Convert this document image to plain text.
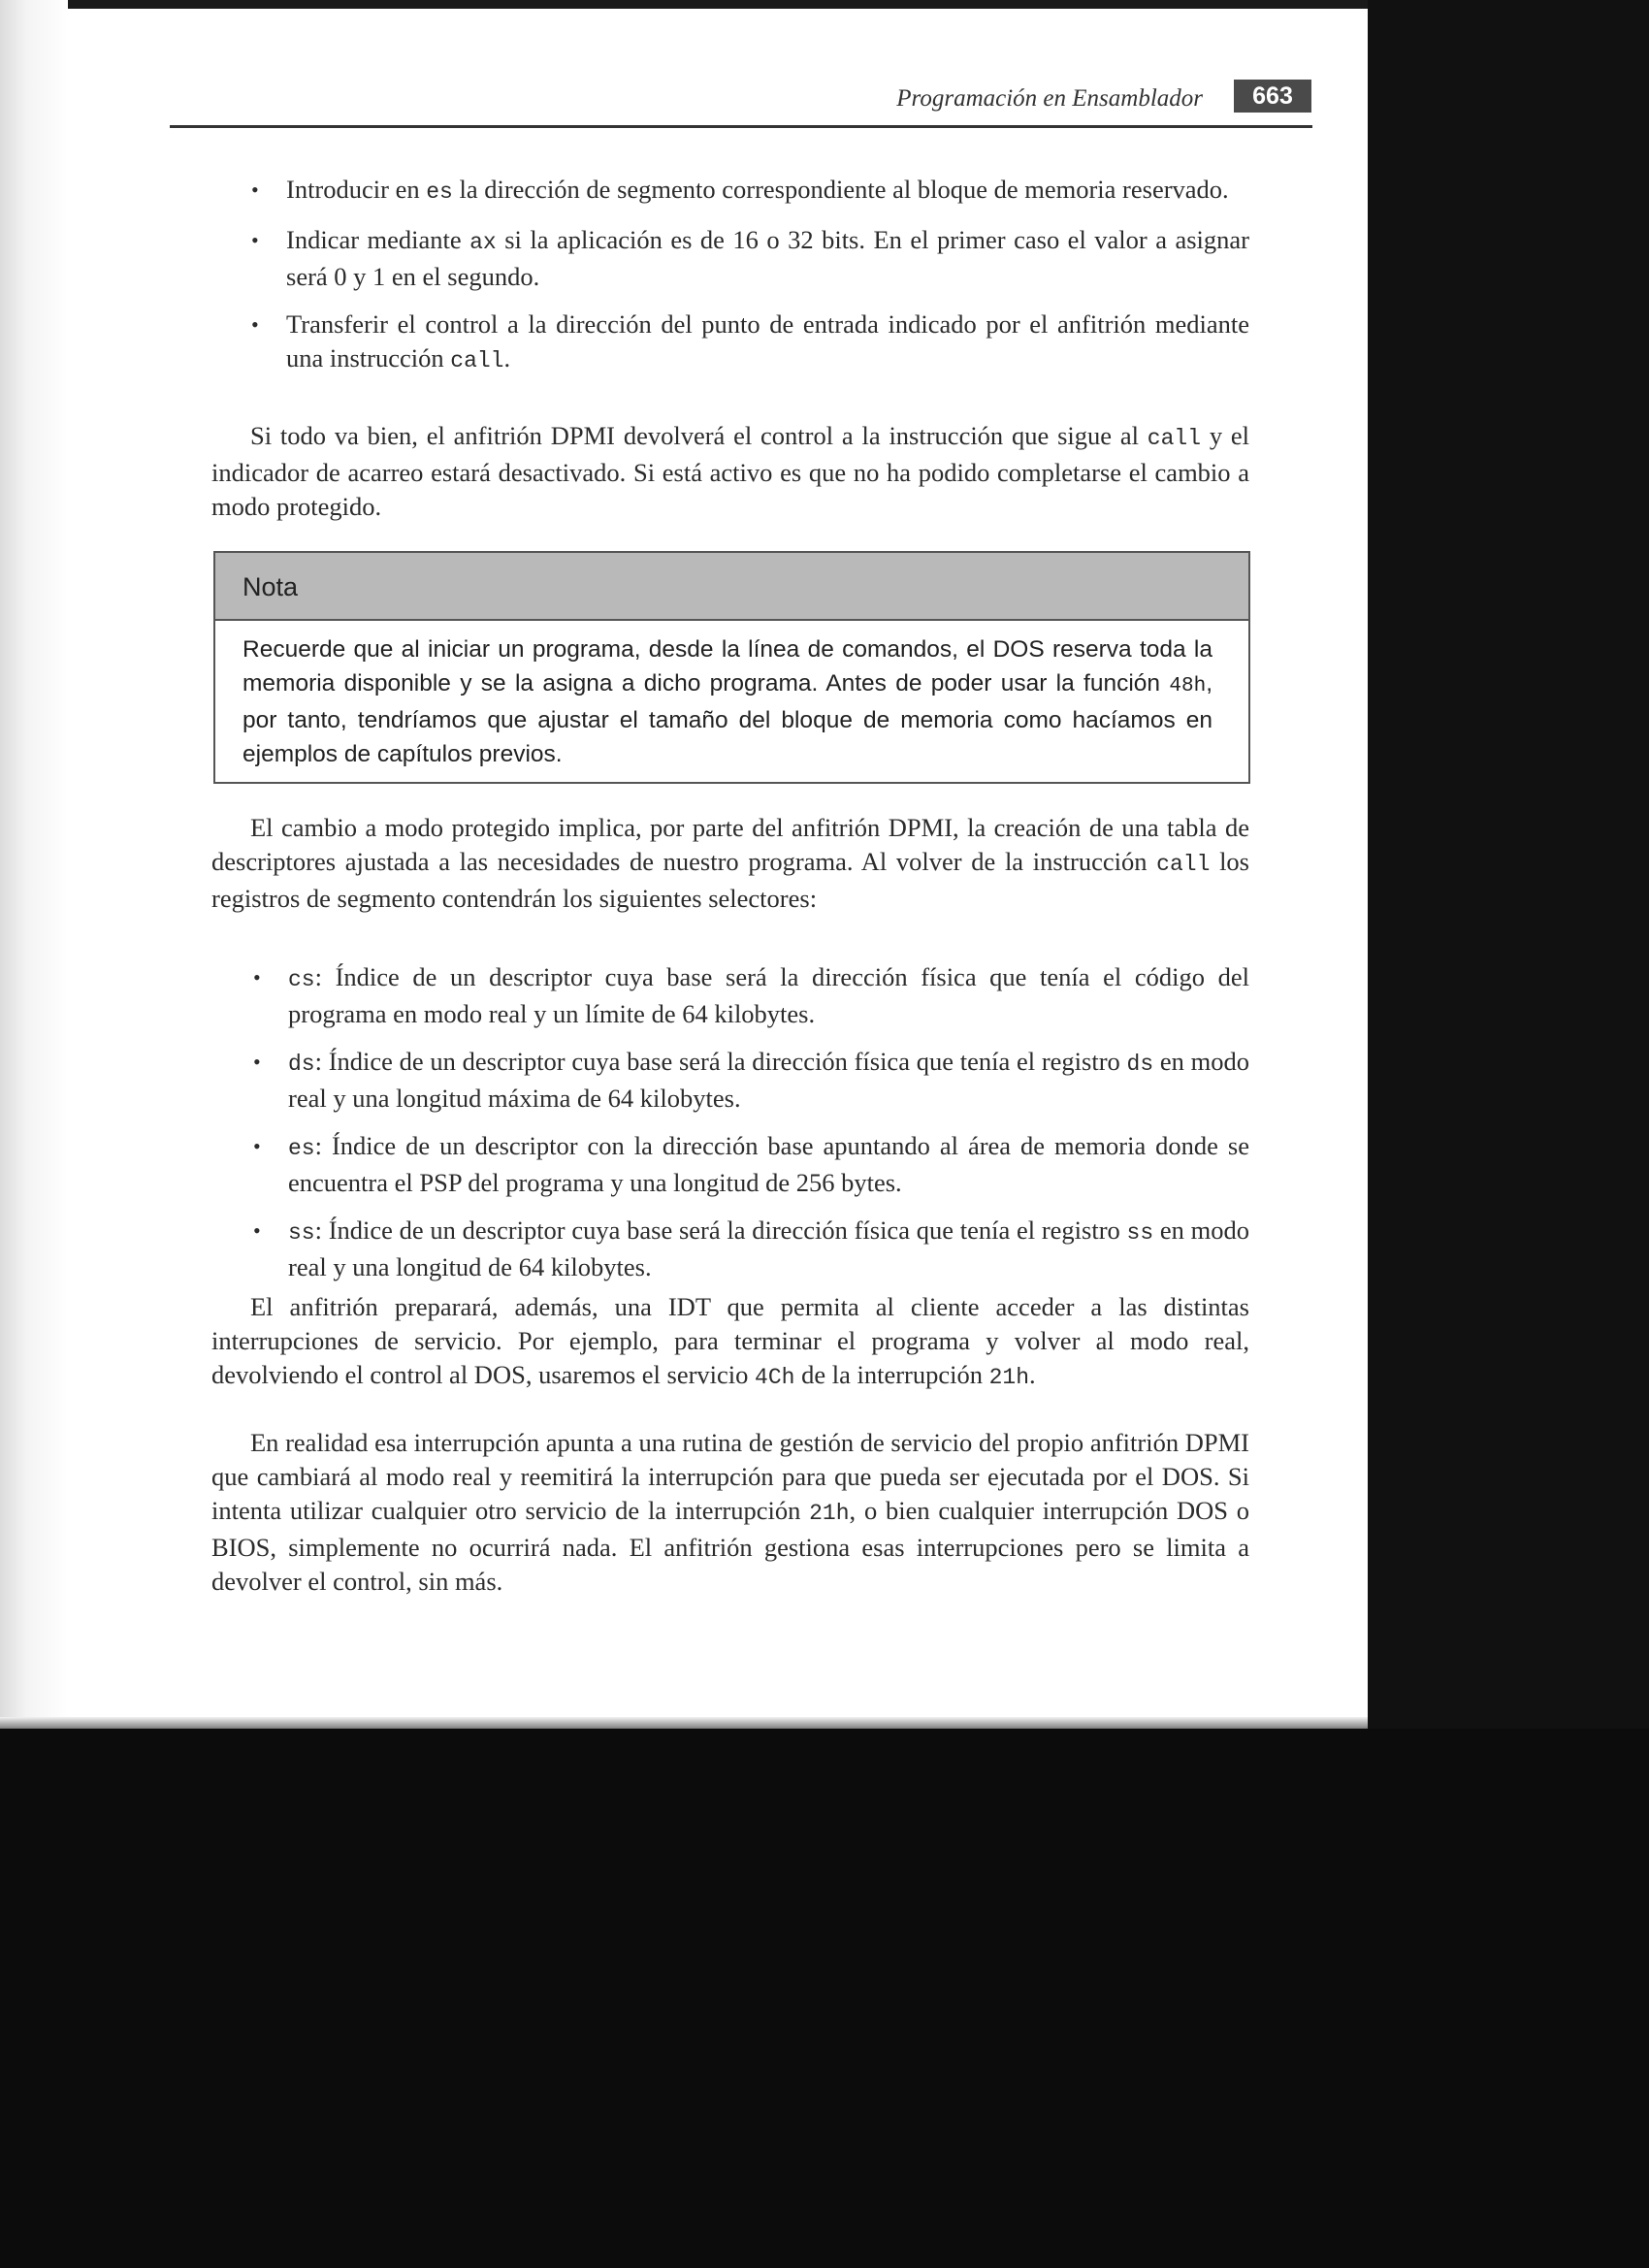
Programación en Ensamblador	663
• Introducir en es la dirección de segmento correspondiente al bloque de memoria reservado.
• Indicar mediante ax si la aplicación es de 16 o 32 bits. En el primer caso el valor a asignar será 0 y 1 en el segundo.
• Transferir el control a la dirección del punto de entrada indicado por el anfitrión mediante una instrucción call.

Si todo va bien, el anfitrión DPMI devolverá el control a la instrucción que sigue al call y el indicador de acarreo estará desactivado. Si está activo es que no ha podido completarse el cambio a modo protegido.

Nota
Recuerde que al iniciar un programa, desde la línea de comandos, el DOS reserva toda la memoria disponible y se la asigna a dicho programa. Antes de poder usar la función 48h, por tanto, tendríamos que ajustar el tamaño del bloque de memoria como hacíamos en ejemplos de capítulos previos.

El cambio a modo protegido implica, por parte del anfitrión DPMI, la creación de una tabla de descriptores ajustada a las necesidades de nuestro programa. Al volver de la instrucción call los registros de segmento contendrán los siguientes selectores:

• cs: Índice de un descriptor cuya base será la dirección física que tenía el código del programa en modo real y un límite de 64 kilobytes.
• ds: Índice de un descriptor cuya base será la dirección física que tenía el registro ds en modo real y una longitud máxima de 64 kilobytes.
• es: Índice de un descriptor con la dirección base apuntando al área de memoria donde se encuentra el PSP del programa y una longitud de 256 bytes.
• ss: Índice de un descriptor cuya base será la dirección física que tenía el registro ss en modo real y una longitud de 64 kilobytes.

El anfitrión preparará, además, una IDT que permita al cliente acceder a las distintas interrupciones de servicio. Por ejemplo, para terminar el programa y volver al modo real, devolviendo el control al DOS, usaremos el servicio 4Ch de la interrupción 21h.

En realidad esa interrupción apunta a una rutina de gestión de servicio del propio anfitrión DPMI que cambiará al modo real y reemitirá la interrupción para que pueda ser ejecutada por el DOS. Si intenta utilizar cualquier otro servicio de la interrupción 21h, o bien cualquier interrupción DOS o BIOS, simplemente no ocurrirá nada. El anfitrión gestiona esas interrupciones pero se limita a devolver el control, sin más.
